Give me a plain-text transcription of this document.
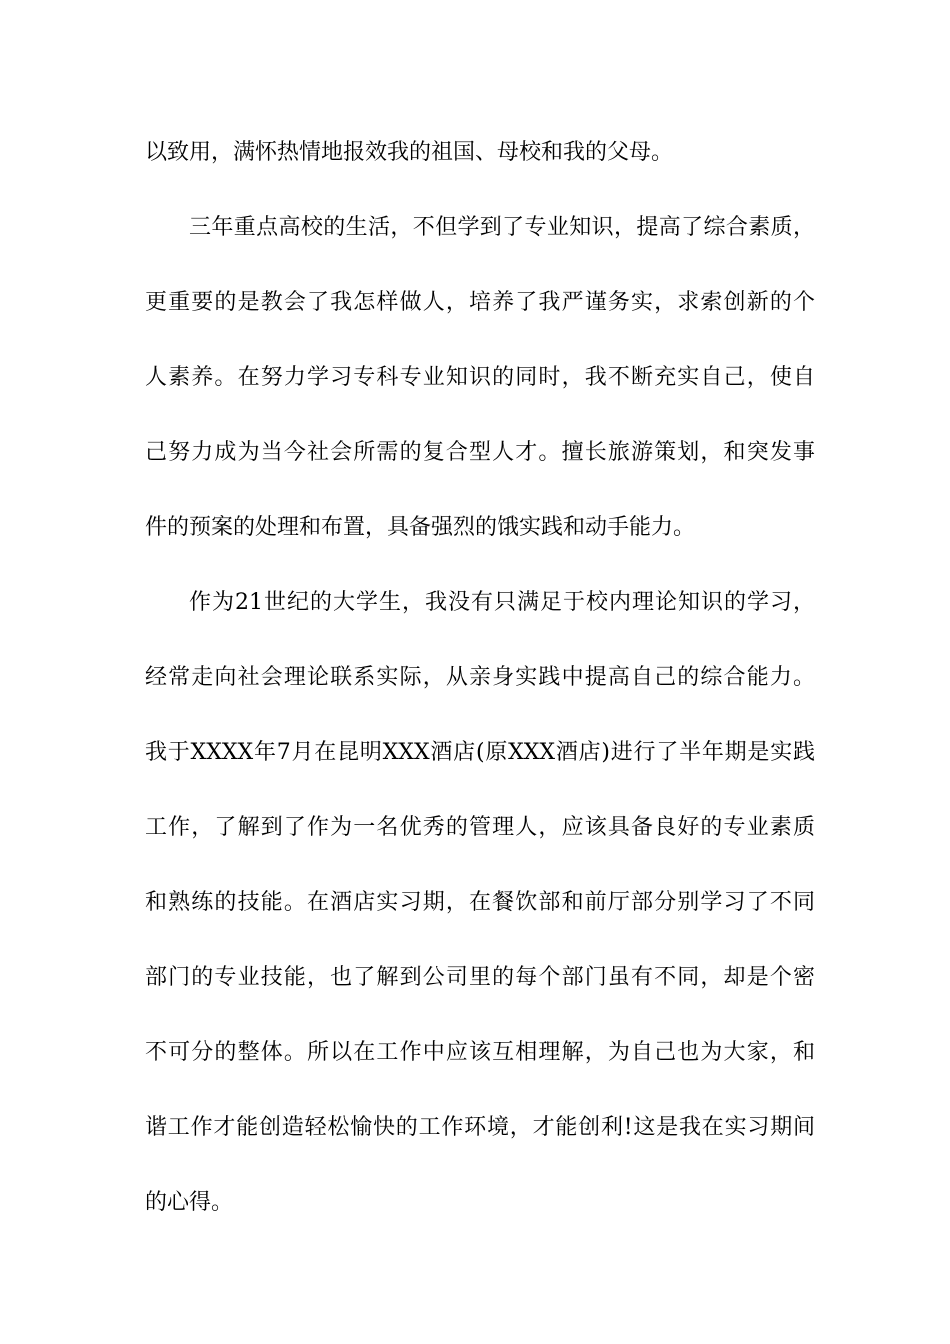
以致用，满怀热情地报效我的祖国、母校和我的父母。
三年重点高校的生活，不但学到了专业知识，提高了综合素质，
更重要的是教会了我怎样做人，培养了我严谨务实，求索创新的个
人素养。在努力学习专科专业知识的同时，我不断充实自己，使自
己努力成为当今社会所需的复合型人才。擅长旅游策划，和突发事
件的预案的处理和布置，具备强烈的饿实践和动手能力。
作为21世纪的大学生，我没有只满足于校内理论知识的学习，
经常走向社会理论联系实际，从亲身实践中提高自己的综合能力。
我于XXXX年7月在昆明XXX酒店(原XXX酒店)进行了半年期是实践
工作，了解到了作为一名优秀的管理人，应该具备良好的专业素质
和熟练的技能。在酒店实习期，在餐饮部和前厅部分别学习了不同
部门的专业技能，也了解到公司里的每个部门虽有不同，却是个密
不可分的整体。所以在工作中应该互相理解，为自己也为大家，和
谐工作才能创造轻松愉快的工作环境，才能创利!这是我在实习期间
的心得。
